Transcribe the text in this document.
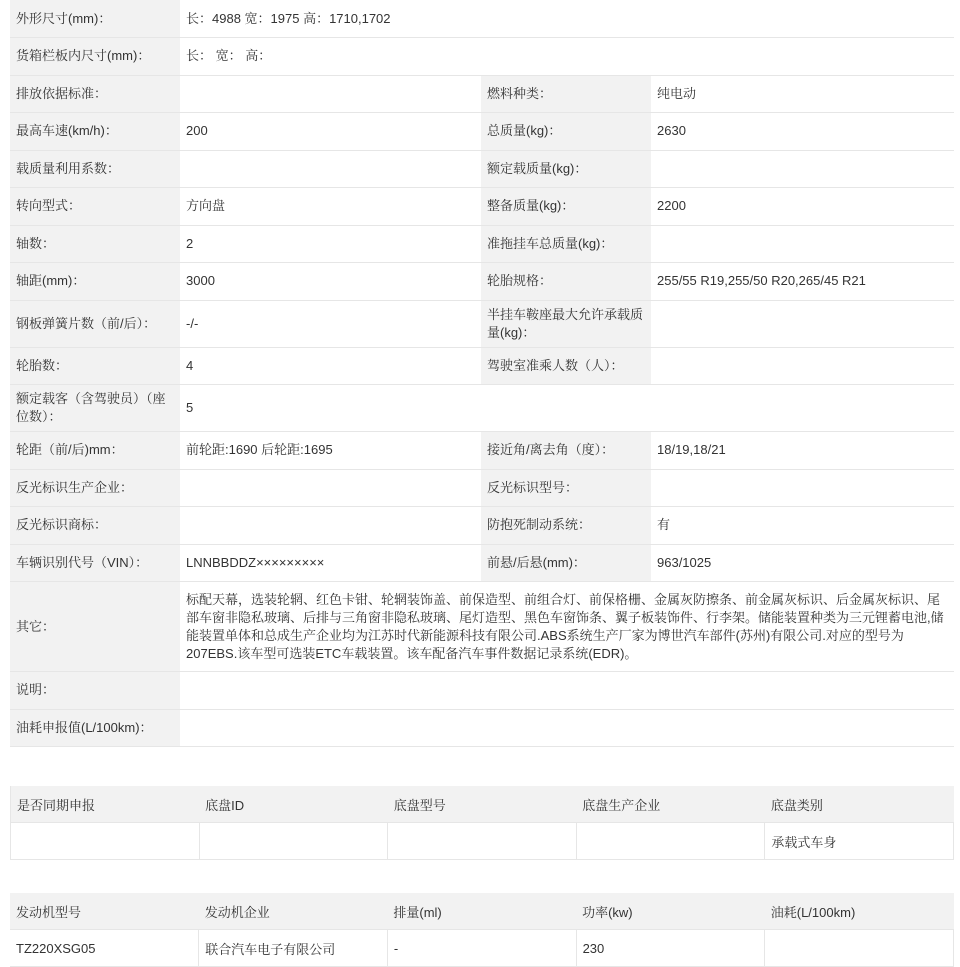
外形尺寸(mm)：	长：4988 宽：1975 高：1710,1702		
货箱栏板内尺寸(mm)：	长： 宽： 高：		
排放依据标准：		燃料种类：	纯电动
最高车速(km/h)：	200	总质量(kg)：	2630
载质量利用系数：		额定载质量(kg)：	
转向型式：	方向盘	整备质量(kg)：	2200
轴数：	2	准拖挂车总质量(kg)：	
轴距(mm)：	3000	轮胎规格：	255/55 R19,255/50 R20,265/45 R21
钢板弹簧片数（前/后）：	-/-	半挂车鞍座最大允许承载质量(kg)：	
轮胎数：	4	驾驶室准乘人数（人）：	
额定载客（含驾驶员）（座位数）：	5		
轮距（前/后)mm：	前轮距:1690 后轮距:1695	接近角/离去角（度）：	18/19,18/21
反光标识生产企业：		反光标识型号：	
反光标识商标：		防抱死制动系统：	有
车辆识别代号（VIN）：	LNNBBDDZ×××××××××	前悬/后悬(mm)：	963/1025
其它：	标配天幕，选装轮辋、红色卡钳、轮辋装饰盖、前保造型、前组合灯、前保格栅、金属灰防擦条、前金属灰标识、后金属灰标识、尾部车窗非隐私玻璃、后排与三角窗非隐私玻璃、尾灯造型、黑色车窗饰条、翼子板装饰件、行李架。储能装置种类为三元锂蓄电池,储能装置单体和总成生产企业均为江苏时代新能源科技有限公司.ABS系统生产厂家为博世汽车部件(苏州)有限公司.对应的型号为207EBS.该车型可选装ETC车载装置。该车配备汽车事件数据记录系统(EDR)。		
说明：			
油耗申报值(L/100km)：			
是否同期申报	底盘ID	底盘型号	底盘生产企业	底盘类别
				承载式车身
发动机型号	发动机企业	排量(ml)	功率(kw)	油耗(L/100km)
TZ220XSG05	联合汽车电子有限公司	-	230	
